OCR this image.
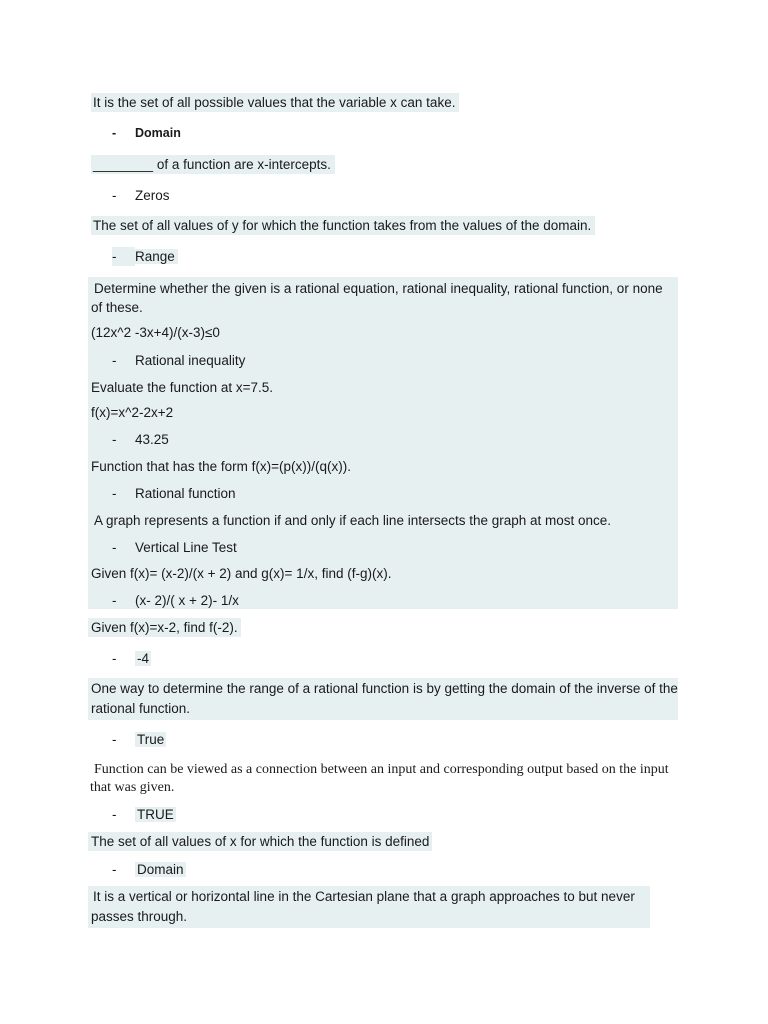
It is the set of all possible values that the variable x can take.
- Domain
________ of a function are x-intercepts.
- Zeros
The set of all values of y for which the function takes from the values of the domain.
- Range
Determine whether the given is a rational equation, rational inequality, rational function, or none of these.
(12x^2 -3x+4)/(x-3)≤0
- Rational inequality
Evaluate the function at x=7.5.
f(x)=x^2-2x+2
- 43.25
Function that has the form f(x)=(p(x))/(q(x)).
- Rational function
A graph represents a function if and only if each line intersects the graph at most once.
- Vertical Line Test
Given f(x)= (x-2)/(x + 2) and g(x)= 1/x, find (f-g)(x).
- (x- 2)/( x + 2)- 1/x
Given f(x)=x-2, find f(-2).
- -4
One way to determine the range of a rational function is by getting the domain of the inverse of the rational function.
- True
Function can be viewed as a connection between an input and corresponding output based on the input that was given.
- TRUE
The set of all values of x for which the function is defined
- Domain
It is a vertical or horizontal line in the Cartesian plane that a graph approaches to but never passes through.
